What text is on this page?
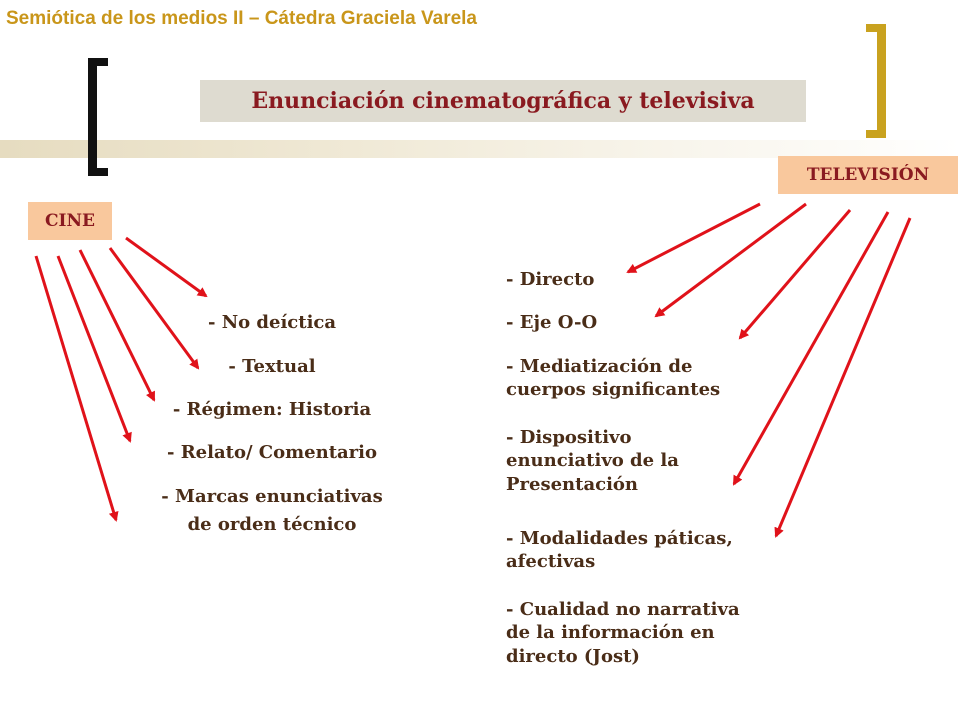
Semiótica de los medios II – Cátedra Graciela Varela
Enunciación cinematográfica y televisiva
CINE
TELEVISIÓN
- No deíctica
- Textual
- Régimen: Historia
- Relato/ Comentario
- Marcas enunciativas
de orden técnico
- Directo
- Eje O-O
- Mediatización de
cuerpos significantes
- Dispositivo
enunciativo de la
Presentación
- Modalidades páticas,
afectivas
- Cualidad no narrativa
de la información en
directo (Jost)
